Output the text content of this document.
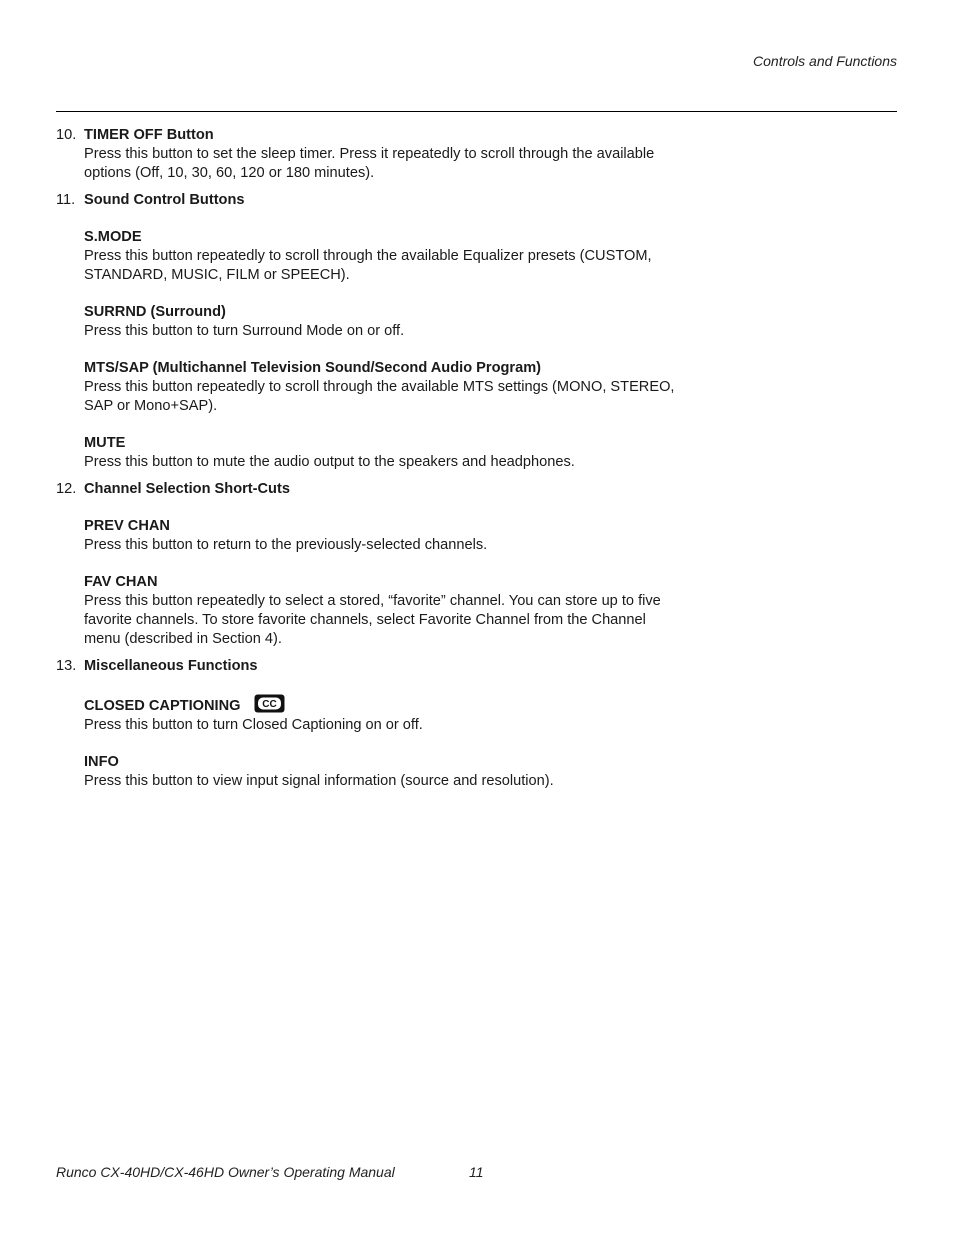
Controls and Functions
10. TIMER OFF Button

Press this button to set the sleep timer. Press it repeatedly to scroll through the available options (Off, 10, 30, 60, 120 or 180 minutes).

11. Sound Control Buttons

S.MODE

Press this button repeatedly to scroll through the available Equalizer presets (CUSTOM, STANDARD, MUSIC, FILM or SPEECH).

SURRND (Surround)

Press this button to turn Surround Mode on or off.

MTS/SAP (Multichannel Television Sound/Second Audio Program)

Press this button repeatedly to scroll through the available MTS settings (MONO, STEREO, SAP or Mono+SAP).

MUTE

Press this button to mute the audio output to the speakers and headphones.

12. Channel Selection Short-Cuts

PREV CHAN

Press this button to return to the previously-selected channels.

FAV CHAN

Press this button repeatedly to select a stored, “favorite” channel. You can store up to five favorite channels. To store favorite channels, select Favorite Channel from the Channel menu (described in Section 4).

13. Miscellaneous Functions

CLOSED CAPTIONING CC

Press this button to turn Closed Captioning on or off.

INFO

Press this button to view input signal information (source and resolution).

Runco CX-40HD/CX-46HD Owner’s Operating Manual	11
